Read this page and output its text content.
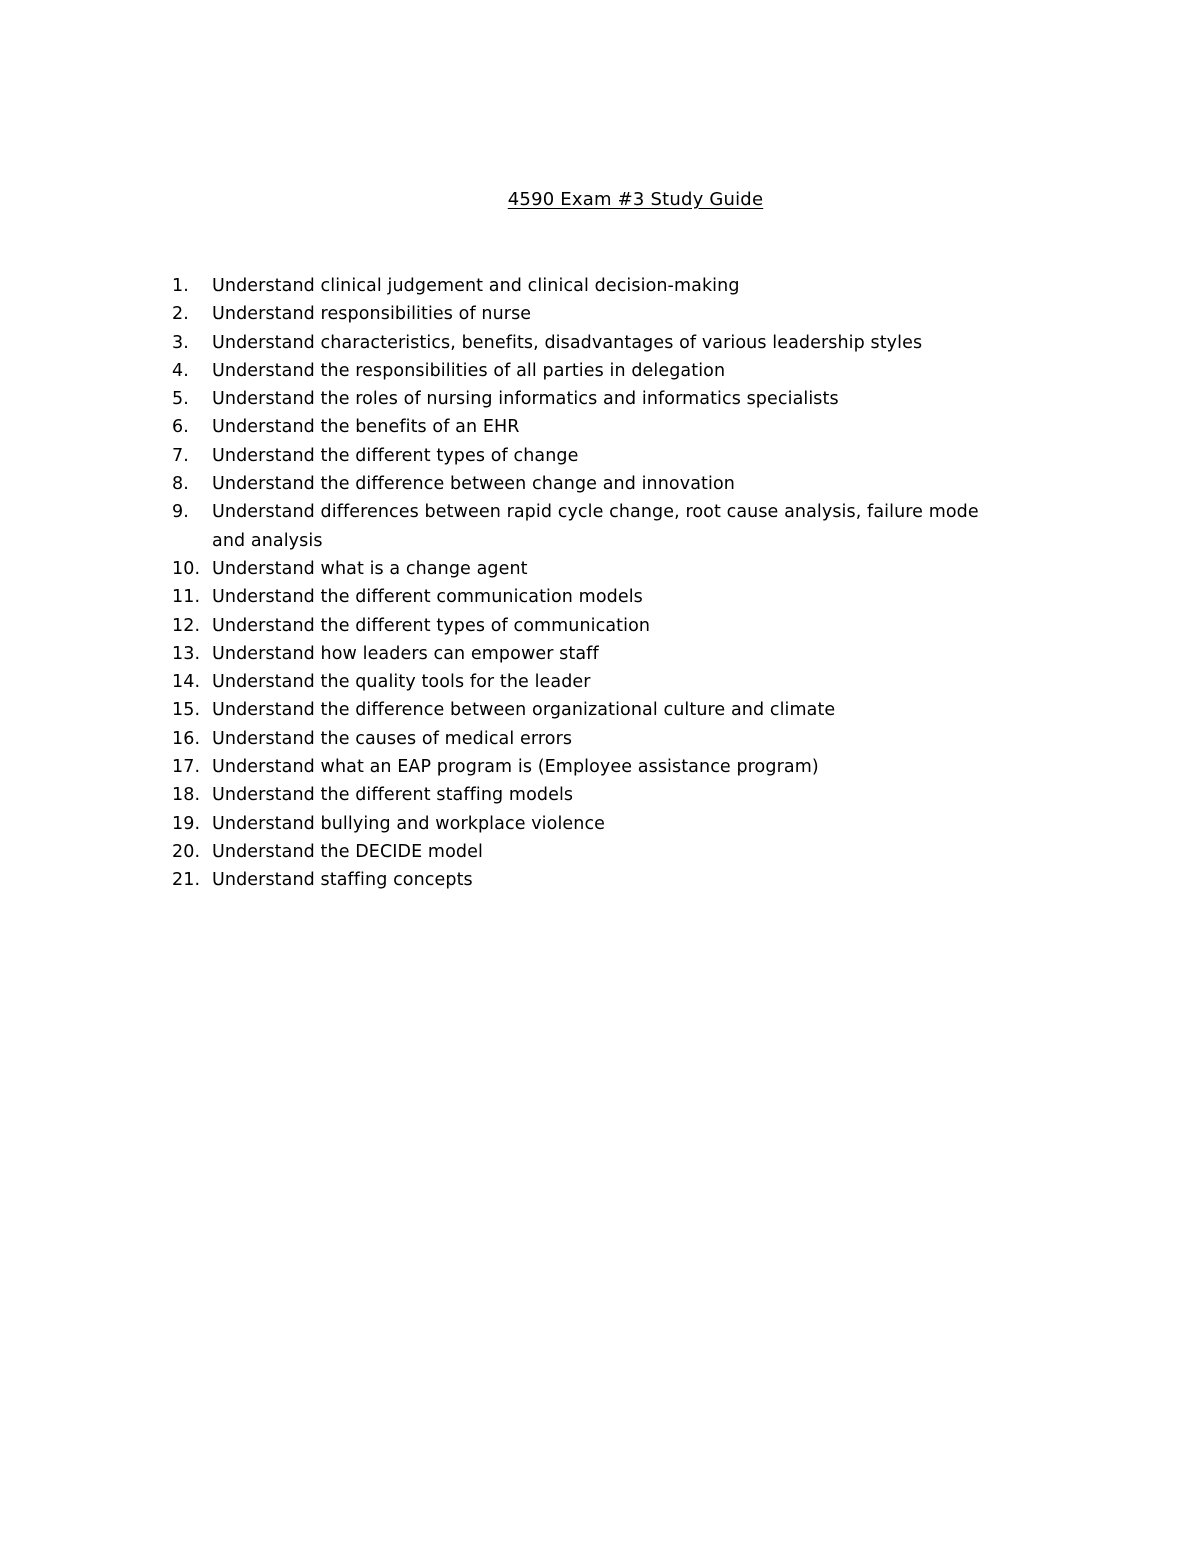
4590 Exam #3 Study Guide
1.	Understand clinical judgement and clinical decision-making
2.	Understand responsibilities of nurse
3.	Understand characteristics, benefits, disadvantages of various leadership styles
4.	Understand the responsibilities of all parties in delegation
5.	Understand the roles of nursing informatics and informatics specialists
6.	Understand the benefits of an EHR
7.	Understand the different types of change
8.	Understand the difference between change and innovation
9.	Understand differences between rapid cycle change, root cause analysis, failure mode and analysis
10. Understand what is a change agent
11. Understand the different communication models
12. Understand the different types of communication
13. Understand how leaders can empower staff
14. Understand the quality tools for the leader
15. Understand the difference between organizational culture and climate
16. Understand the causes of medical errors
17. Understand what an EAP program is (Employee assistance program)
18. Understand the different staffing models
19. Understand bullying and workplace violence
20. Understand the DECIDE model
21. Understand staffing concepts
